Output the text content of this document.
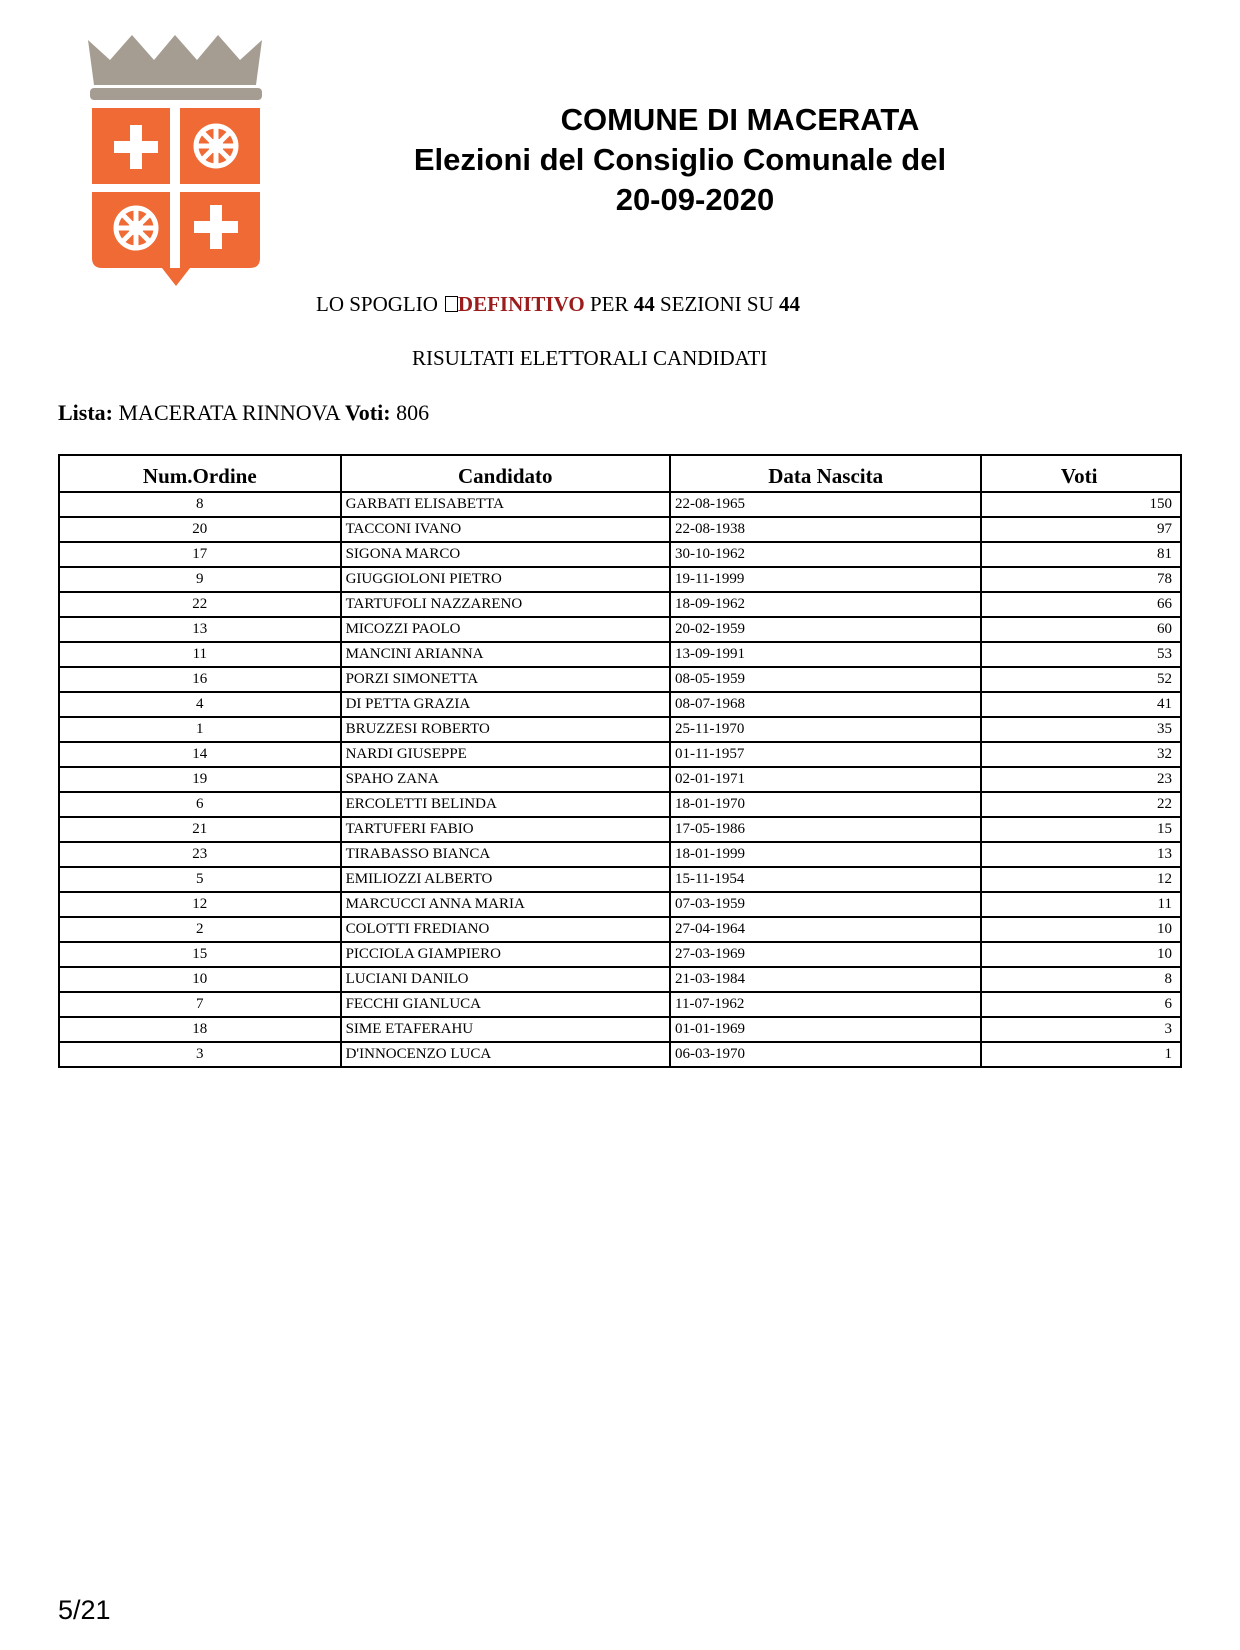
COMUNE DI MACERATA
Elezioni del Consiglio Comunale del
20-09-2020
LO SPOGLIO DEFINITIVO PER 44 SEZIONI SU 44
RISULTATI ELETTORALI CANDIDATI
Lista: MACERATA RINNOVA Voti: 806
Num.Ordine	Candidato	Data Nascita	Voti
8	GARBATI ELISABETTA	22-08-1965	150
20	TACCONI IVANO	22-08-1938	97
17	SIGONA MARCO	30-10-1962	81
9	GIUGGIOLONI PIETRO	19-11-1999	78
22	TARTUFOLI NAZZARENO	18-09-1962	66
13	MICOZZI PAOLO	20-02-1959	60
11	MANCINI ARIANNA	13-09-1991	53
16	PORZI SIMONETTA	08-05-1959	52
4	DI PETTA GRAZIA	08-07-1968	41
1	BRUZZESI ROBERTO	25-11-1970	35
14	NARDI GIUSEPPE	01-11-1957	32
19	SPAHO ZANA	02-01-1971	23
6	ERCOLETTI BELINDA	18-01-1970	22
21	TARTUFERI FABIO	17-05-1986	15
23	TIRABASSO BIANCA	18-01-1999	13
5	EMILIOZZI ALBERTO	15-11-1954	12
12	MARCUCCI ANNA MARIA	07-03-1959	11
2	COLOTTI FREDIANO	27-04-1964	10
15	PICCIOLA GIAMPIERO	27-03-1969	10
10	LUCIANI DANILO	21-03-1984	8
7	FECCHI GIANLUCA	11-07-1962	6
18	SIME ETAFERAHU	01-01-1969	3
3	D'INNOCENZO LUCA	06-03-1970	1
5/21
